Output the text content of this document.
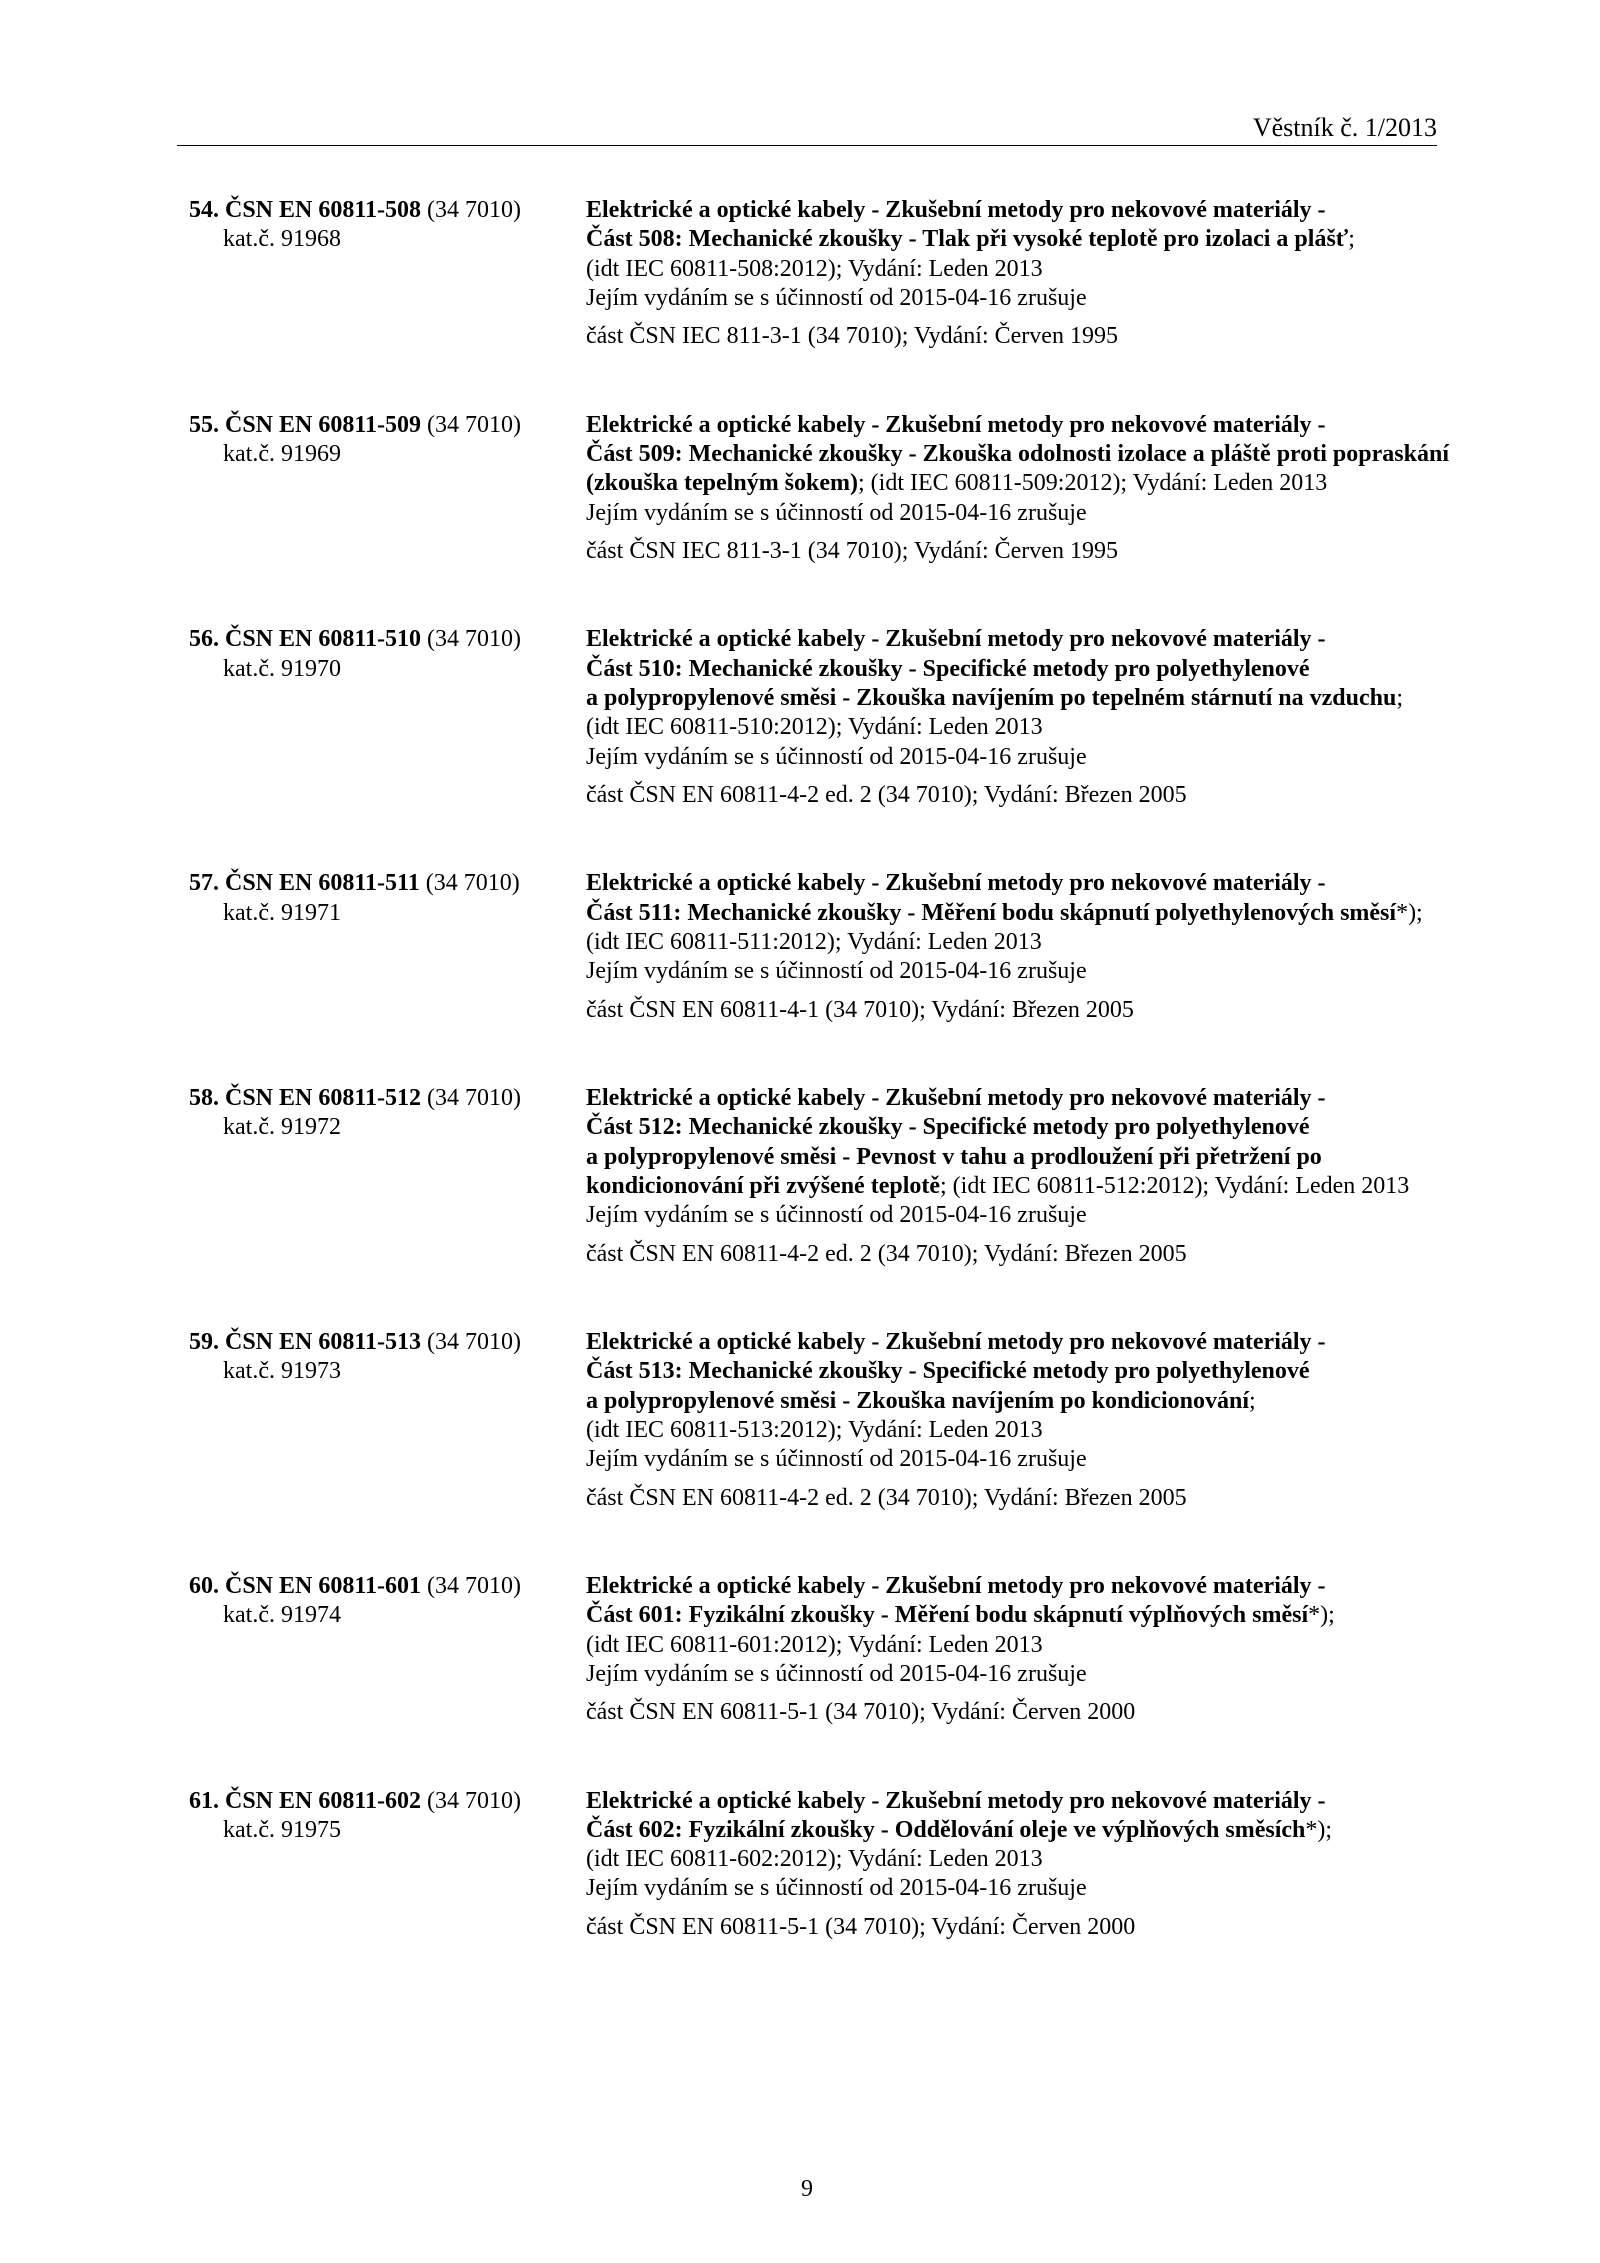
Věstník č. 1/2013
54. ČSN EN 60811-508 (34 7010)
kat.č. 91968
Elektrické a optické kabely - Zkušební metody pro nekovové materiály -
Část 508: Mechanické zkoušky - Tlak při vysoké teplotě pro izolaci a plášť;
(idt IEC 60811-508:2012); Vydání: Leden 2013
Jejím vydáním se s účinností od 2015-04-16 zrušuje
část ČSN IEC 811-3-1 (34 7010); Vydání: Červen 1995
55. ČSN EN 60811-509 (34 7010)
kat.č. 91969
Elektrické a optické kabely - Zkušební metody pro nekovové materiály -
Část 509: Mechanické zkoušky - Zkouška odolnosti izolace a pláště proti popraskání
(zkouška tepelným šokem); (idt IEC 60811-509:2012); Vydání: Leden 2013
Jejím vydáním se s účinností od 2015-04-16 zrušuje
část ČSN IEC 811-3-1 (34 7010); Vydání: Červen 1995
56. ČSN EN 60811-510 (34 7010)
kat.č. 91970
Elektrické a optické kabely - Zkušební metody pro nekovové materiály -
Část 510: Mechanické zkoušky - Specifické metody pro polyethylenové
a polypropylenové směsi - Zkouška navíjením po tepelném stárnutí na vzduchu;
(idt IEC 60811-510:2012); Vydání: Leden 2013
Jejím vydáním se s účinností od 2015-04-16 zrušuje
část ČSN EN 60811-4-2 ed. 2 (34 7010); Vydání: Březen 2005
57. ČSN EN 60811-511 (34 7010)
kat.č. 91971
Elektrické a optické kabely - Zkušební metody pro nekovové materiály -
Část 511: Mechanické zkoušky - Měření bodu skápnutí polyethylenových směsí*);
(idt IEC 60811-511:2012); Vydání: Leden 2013
Jejím vydáním se s účinností od 2015-04-16 zrušuje
část ČSN EN 60811-4-1 (34 7010); Vydání: Březen 2005
58. ČSN EN 60811-512 (34 7010)
kat.č. 91972
Elektrické a optické kabely - Zkušební metody pro nekovové materiály -
Část 512: Mechanické zkoušky - Specifické metody pro polyethylenové
a polypropylenové směsi - Pevnost v tahu a prodloužení při přetržení po
kondicionování při zvýšené teplotě; (idt IEC 60811-512:2012); Vydání: Leden 2013
Jejím vydáním se s účinností od 2015-04-16 zrušuje
část ČSN EN 60811-4-2 ed. 2 (34 7010); Vydání: Březen 2005
59. ČSN EN 60811-513 (34 7010)
kat.č. 91973
Elektrické a optické kabely - Zkušební metody pro nekovové materiály -
Část 513: Mechanické zkoušky - Specifické metody pro polyethylenové
a polypropylenové směsi - Zkouška navíjením po kondicionování;
(idt IEC 60811-513:2012); Vydání: Leden 2013
Jejím vydáním se s účinností od 2015-04-16 zrušuje
část ČSN EN 60811-4-2 ed. 2 (34 7010); Vydání: Březen 2005
60. ČSN EN 60811-601 (34 7010)
kat.č. 91974
Elektrické a optické kabely - Zkušební metody pro nekovové materiály -
Část 601: Fyzikální zkoušky - Měření bodu skápnutí výplňových směsí*);
(idt IEC 60811-601:2012); Vydání: Leden 2013
Jejím vydáním se s účinností od 2015-04-16 zrušuje
část ČSN EN 60811-5-1 (34 7010); Vydání: Červen 2000
61. ČSN EN 60811-602 (34 7010)
kat.č. 91975
Elektrické a optické kabely - Zkušební metody pro nekovové materiály -
Část 602: Fyzikální zkoušky - Oddělování oleje ve výplňových směsích*);
(idt IEC 60811-602:2012); Vydání: Leden 2013
Jejím vydáním se s účinností od 2015-04-16 zrušuje
část ČSN EN 60811-5-1 (34 7010); Vydání: Červen 2000
9
